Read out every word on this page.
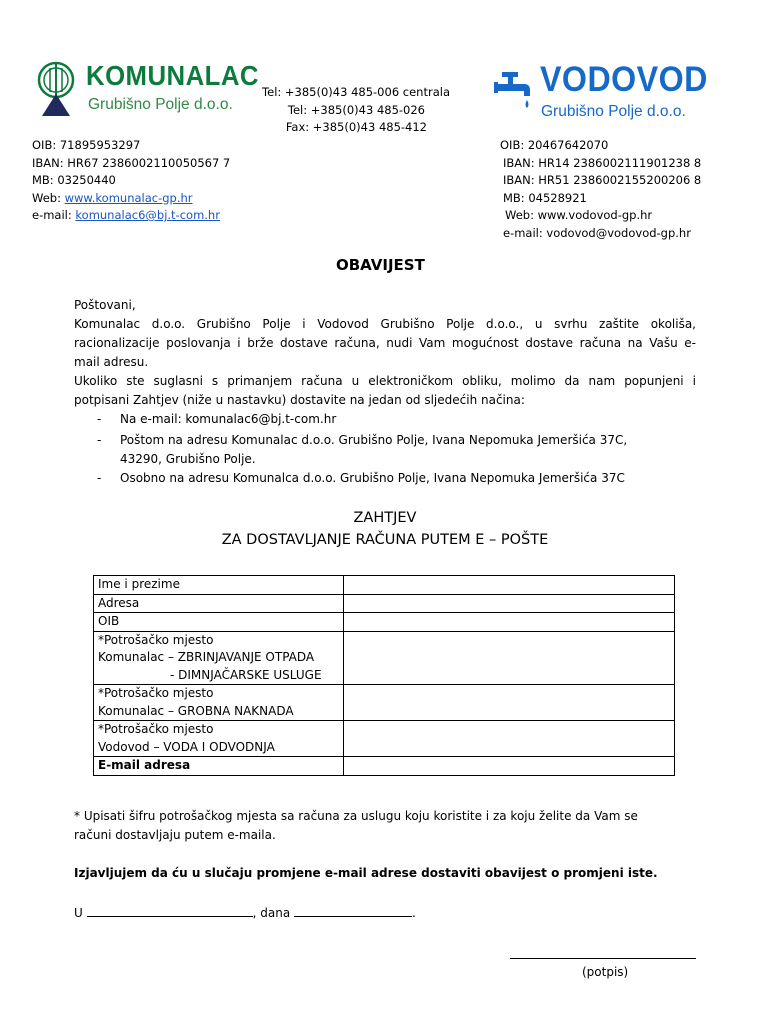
KOMUNALAC
Grubišno Polje d.o.o.
Tel: +385(0)43 485-006 centrala
Tel: +385(0)43 485-026
Fax: +385(0)43 485-412
VODOVOD
Grubišno Polje d.o.o.
OIB: 71895953297
IBAN: HR67 2386002110050567 7
MB: 03250440
Web: www.komunalac-gp.hr
e-mail: komunalac6@bj.t-com.hr
OIB: 20467642070
IBAN: HR14 2386002111901238 8
IBAN: HR51 2386002155200206 8
MB: 04528921
Web: www.vodovod-gp.hr
e-mail: vodovod@vodovod-gp.hr
OBAVIJEST
Poštovani,
Komunalac d.o.o. Grubišno Polje i Vodovod Grubišno Polje d.o.o., u svrhu zaštite okoliša,
racionalizacije poslovanja i brže dostave računa, nudi Vam mogućnost dostave računa na Vašu e-
mail adresu.
Ukoliko ste suglasni s primanjem računa u elektroničkom obliku, molimo da nam popunjeni i
potpisani Zahtjev (niže u nastavku) dostavite na jedan od sljedećih načina:
- Na e-mail: komunalac6@bj.t-com.hr
- Poštom na adresu Komunalac d.o.o. Grubišno Polje, Ivana Nepomuka Jemeršića 37C,
43290, Grubišno Polje.
- Osobno na adresu Komunalca d.o.o. Grubišno Polje, Ivana Nepomuka Jemeršića 37C
ZAHTJEV
ZA DOSTAVLJANJE RAČUNA PUTEM E – POŠTE
Ime i prezime	
Adresa	
OIB	

*Potrošačko mjesto
Komunalac – ZBRINJAVANJE OTPADA
- DIMNJAČARSKE USLUGE	

*Potrošačko mjesto
Komunalac – GROBNA NAKNADA	

*Potrošačko mjesto
Vodovod – VODA I ODVODNJA	

E-mail adresa	
* Upisati šifru potrošačkog mjesta sa računa za uslugu koju koristite i za koju želite da Vam se
računi dostavljaju putem e-maila.
Izjavljujem da ću u slučaju promjene e-mail adrese dostaviti obavijest o promjeni iste.
U	, dana	.
(potpis)
